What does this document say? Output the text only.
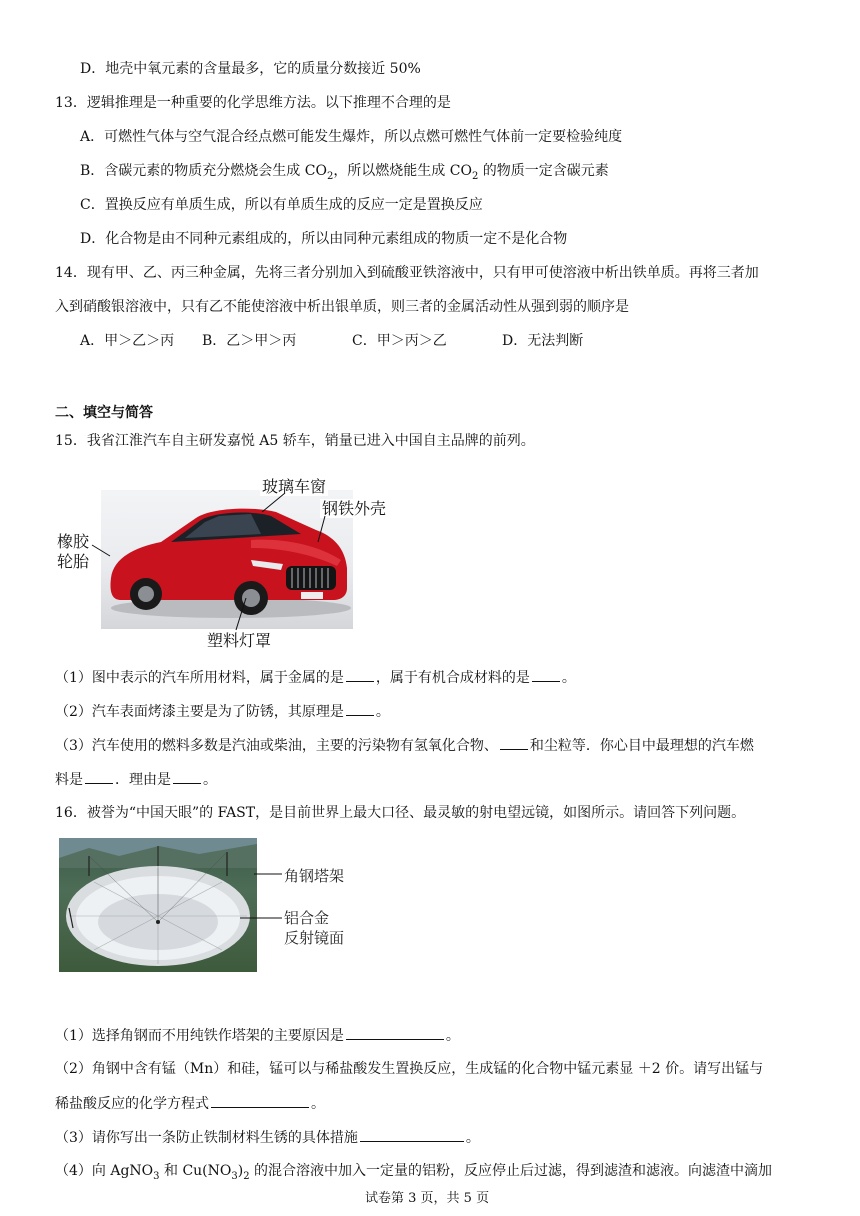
D．地壳中氧元素的含量最多，它的质量分数接近 50%
13．逻辑推理是一种重要的化学思维方法。以下推理不合理的是
A．可燃性气体与空气混合经点燃可能发生爆炸，所以点燃可燃性气体前一定要检验纯度
B．含碳元素的物质充分燃烧会生成 $CO_2$，所以燃烧能生成 $CO_2$ 的物质一定含碳元素
C．置换反应有单质生成，所以有单质生成的反应一定是置换反应
D．化合物是由不同种元素组成的，所以由同种元素组成的物质一定不是化合物
14．现有甲、乙、丙三种金属，先将三者分别加入到硫酸亚铁溶液中，只有甲可使溶液中析出铁单质。再将三者加
入到硝酸银溶液中，只有乙不能使溶液中析出银单质，则三者的金属活动性从强到弱的顺序是
A．甲＞乙＞丙 B．乙＞甲＞丙	C．甲＞丙＞乙	D．无法判断
二、填空与简答
15．我省江淮汽车自主研发嘉悦 A5 轿车，销量已进入中国自主品牌的前列。
玻璃车窗
钢铁外壳
橡胶
轮胎
塑料灯罩
（1）图中表示的汽车所用材料，属于金属的是 ，属于有机合成材料的是 。
（2）汽车表面烤漆主要是为了防锈，其原理是 。
（3）汽车使用的燃料多数是汽油或柴油，主要的污染物有氢氧化合物、 和尘粒等．你心目中最理想的汽车燃
料是 ．理由是 。
16．被誉为“中国天眼”的 FAST，是目前世界上最大口径、最灵敏的射电望远镜，如图所示。请回答下列问题。
角钢塔架
铝合金
反射镜面
（1）选择角钢而不用纯铁作塔架的主要原因是	。
（2）角钢中含有锰（Mn）和硅，锰可以与稀盐酸发生置换反应，生成锰的化合物中锰元素显 ＋2 价。请写出锰与
稀盐酸反应的化学方程式	。
（3）请你写出一条防止铁制材料生锈的具体措施	。
（4）向 AgNO$_3$ 和 $Cu(NO_3)_2$ 的混合溶液中加入一定量的铝粉，反应停止后过滤，得到滤渣和滤液。向滤渣中滴加
试卷第 3 页，共 5 页
